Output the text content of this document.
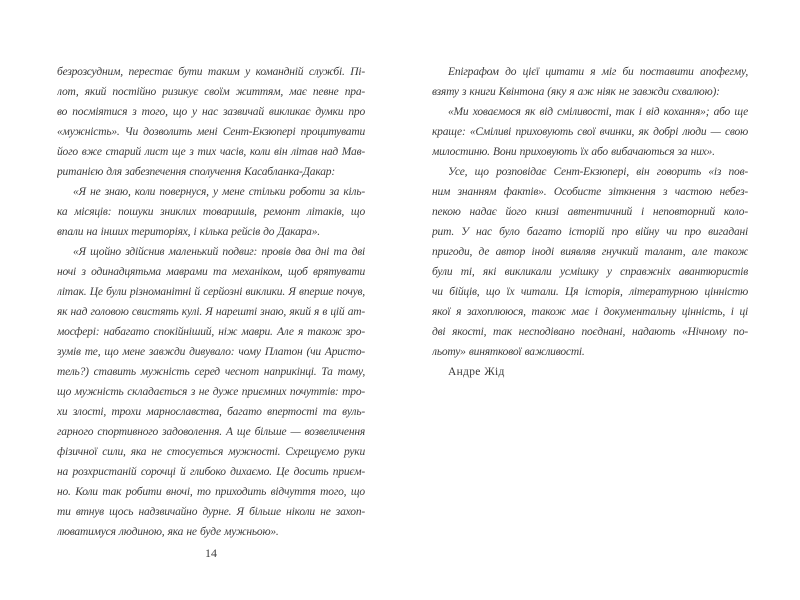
безрозсудним, перестає бути таким у командній службі. Пі-
лот, який постійно ризикує своїм життям, має певне пра-
во посміятися з того, що у нас зазвичай викликає думки про
«мужність». Чи дозволить мені Сент-Екзюпері процитувати
його вже старий лист ще з тих часів, коли він літав над Мав-
ританією для забезпечення сполучення Касабланка-Дакар:
«Я не знаю, коли повернуся, у мене стільки роботи за кіль-
ка місяців: пошуки зниклих товаришів, ремонт літаків, що
впали на інших територіях, і кілька рейсів до Дакара».
«Я щойно здійснив маленький подвиг: провів два дні та дві
ночі з одинадцятьма маврами та механіком, щоб врятувати
літак. Це були різноманітні й серйозні виклики. Я вперше почув,
як над головою свистять кулі. Я нарешті знаю, який я в цій ат-
мосфері: набагато спокійніший, ніж маври. Але я також зро-
зумів те, що мене завжди дивувало: чому Платон (чи Аристо-
тель?) ставить мужність серед чеснот наприкінці. Та тому,
що мужність складається з не дуже приємних почуттів: тро-
хи злості, трохи марнославства, багато впертості та вуль-
гарного спортивного задоволення. А ще більше — возвеличення
фізичної сили, яка не стосується мужності. Схрещуємо руки
на розхристаній сорочці й глибоко дихаємо. Це досить приєм-
но. Коли так робити вночі, то приходить відчуття того, що
ти втнув щось надзвичайно дурне. Я більше ніколи не захоп-
люватимуся людиною, яка не буде мужньою».
14
Епіграфом до цієї цитати я міг би поставити апофегму,
взяту з книги Квінтона (яку я аж ніяк не завжди схвалюю):
«Ми ховаємося як від сміливості, так і від кохання»; або ще
краще: «Сміливі приховують свої вчинки, як добрі люди — свою
милостиню. Вони приховують їх або вибачаються за них».
Усе, що розповідає Сент-Екзюпері, він говорить «із пов-
ним знанням фактів». Особисте зіткнення з частою небез-
пекою надає його книзі автентичний і неповторний коло-
рит. У нас було багато історій про війну чи про вигадані
пригоди, де автор іноді виявляв гнучкий талант, але також
були ті, які викликали усмішку у справжніх авантюристів
чи бійців, що їх читали. Ця історія, літературною цінністю
якої я захоплююся, також має і документальну цінність, і ці
дві якості, так несподівано поєднані, надають «Нічному по-
льоту» виняткової важливості.
Андре Жід
